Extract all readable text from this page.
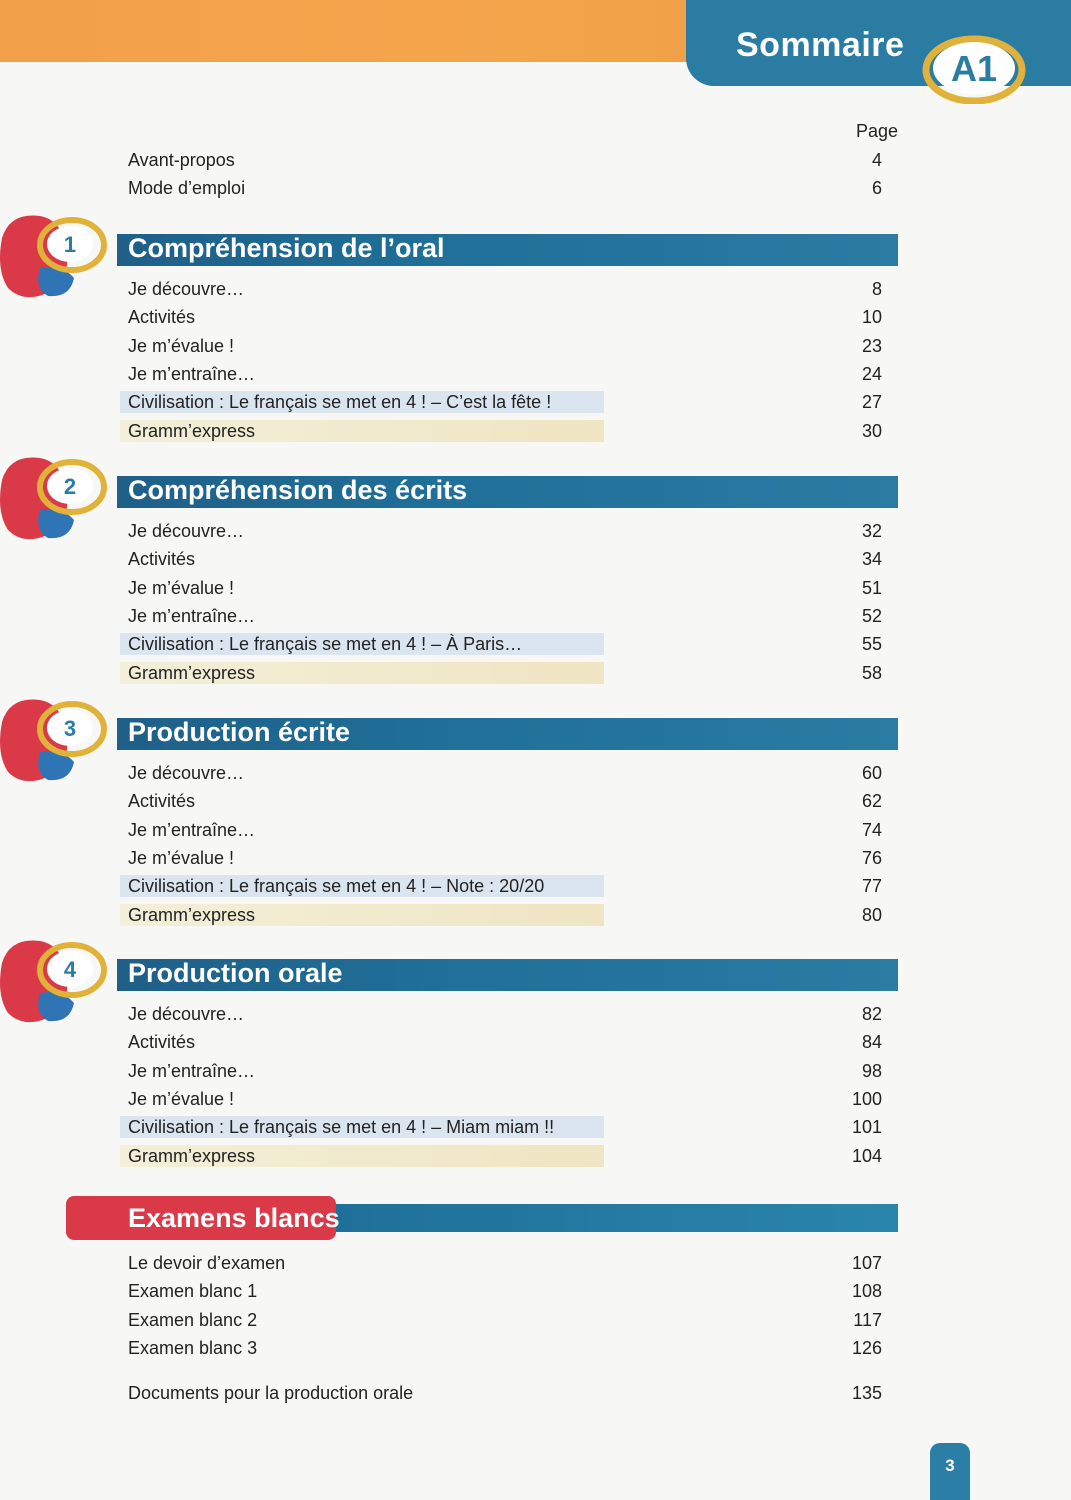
Sommaire
A1
Page
Avant-propos	4
Mode d’emploi	6
1 Compréhension de l’oral
Je découvre…	8
Activités	10
Je m’évalue !	23
Je m’entraîne…	24
Civilisation : Le français se met en 4 ! – C’est la fête !	27
Gramm’express	30
2 Compréhension des écrits
Je découvre…	32
Activités	34
Je m’évalue !	51
Je m’entraîne…	52
Civilisation : Le français se met en 4 ! – À Paris…	55
Gramm’express	58
3 Production écrite
Je découvre…	60
Activités	62
Je m’entraîne…	74
Je m’évalue !	76
Civilisation : Le français se met en 4 ! – Note : 20/20	77
Gramm’express	80
4 Production orale
Je découvre…	82
Activités	84
Je m’entraîne…	98
Je m’évalue !	100
Civilisation : Le français se met en 4 ! – Miam miam !!	101
Gramm’express	104
Le devoir d’examen	107
Examen blanc 1	108
Examen blanc 2	117
Examen blanc 3	126
Documents pour la production orale	135
Examens blancs
3
